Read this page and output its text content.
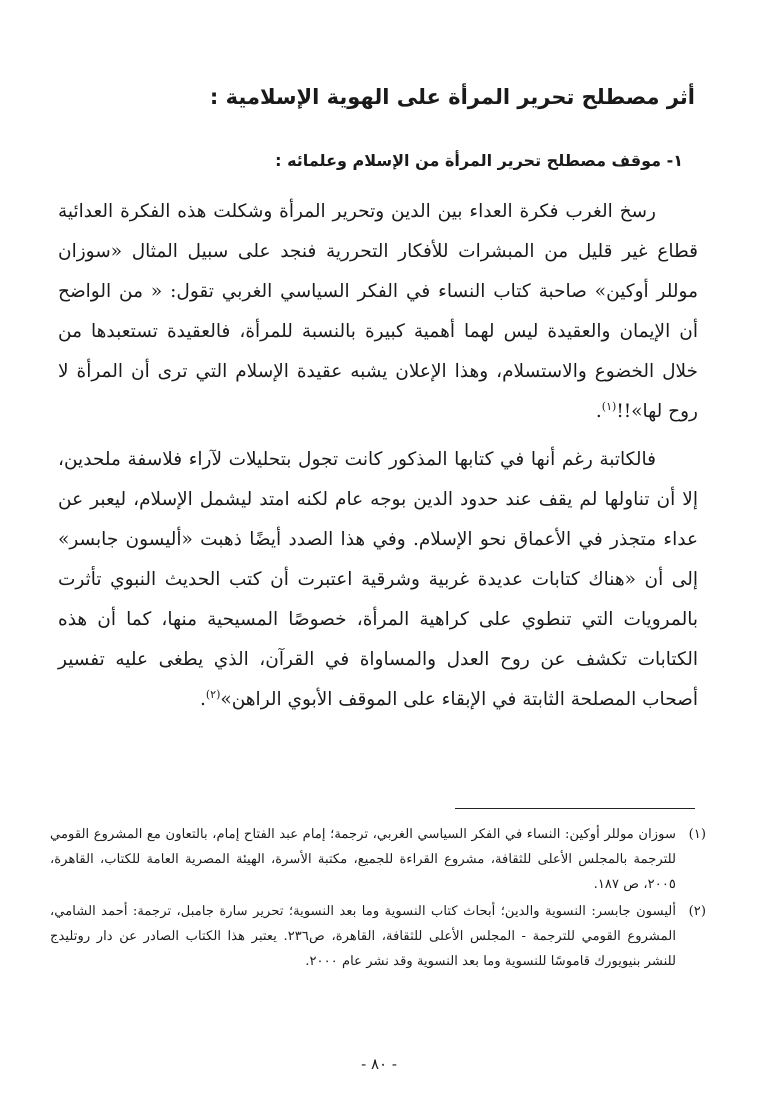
أثر مصطلح تحرير المرأة على الهوية الإسلامية :
١- موقف مصطلح تحرير المرأة من الإسلام وعلمائه :

رسخ الغرب فكرة العداء بين الدين وتحرير المرأة وشكلت هذه الفكرة العدائية قطاع غير قليل من المبشرات للأفكار التحررية فنجد على سبيل المثال «سوزان موللر أوكين» صاحبة كتاب النساء في الفكر السياسي الغربي تقول: « من الواضح أن الإيمان والعقيدة ليس لهما أهمية كبيرة بالنسبة للمرأة، فالعقيدة تستعبدها من خلال الخضوع والاستسلام، وهذا الإعلان يشبه عقيدة الإسلام التي ترى أن المرأة لا روح لها»!!$^{(١)}$.

فالكاتبة رغم أنها في كتابها المذكور كانت تجول بتحليلات لآراء فلاسفة ملحدين، إلا أن تناولها لم يقف عند حدود الدين بوجه عام لكنه امتد ليشمل الإسلام، ليعبر عن عداء متجذر في الأعماق نحو الإسلام. وفي هذا الصدد أيضًا ذهبت «أليسون جابسر» إلى أن «هناك كتابات عديدة غربية وشرقية اعتبرت أن كتب الحديث النبوي تأثرت بالمرويات التي تنطوي على كراهية المرأة، خصوصًا المسيحية منها، كما أن هذه الكتابات تكشف عن روح العدل والمساواة في القرآن، الذي يطغى عليه تفسير أصحاب المصلحة الثابتة في الإبقاء على الموقف الأبوي الراهن»$^{(٢)}$.

(١)
سوزان موللر أوكين: النساء في الفكر السياسي الغربي، ترجمة؛ إمام عبد الفتاح إمام، بالتعاون مع المشروع القومي للترجمة بالمجلس الأعلى للثقافة، مشروع القراءة للجميع، مكتبة الأسرة، الهيئة المصرية العامة للكتاب، القاهرة، ٢٠٠٥، ص ١٨٧.
(٢)
أليسون جابسر: النسوية والدين؛ أبحاث كتاب النسوية وما بعد النسوية؛ تحرير سارة جامبل، ترجمة: أحمد الشامي، المشروع القومي للترجمة - المجلس الأعلى للثقافة، القاهرة، ص٢٣٦. يعتبر هذا الكتاب الصادر عن دار روتليدج للنشر بنيويورك قاموسًا للنسوية وما بعد النسوية وقد نشر عام ٢٠٠٠.
- ٨٠ -
